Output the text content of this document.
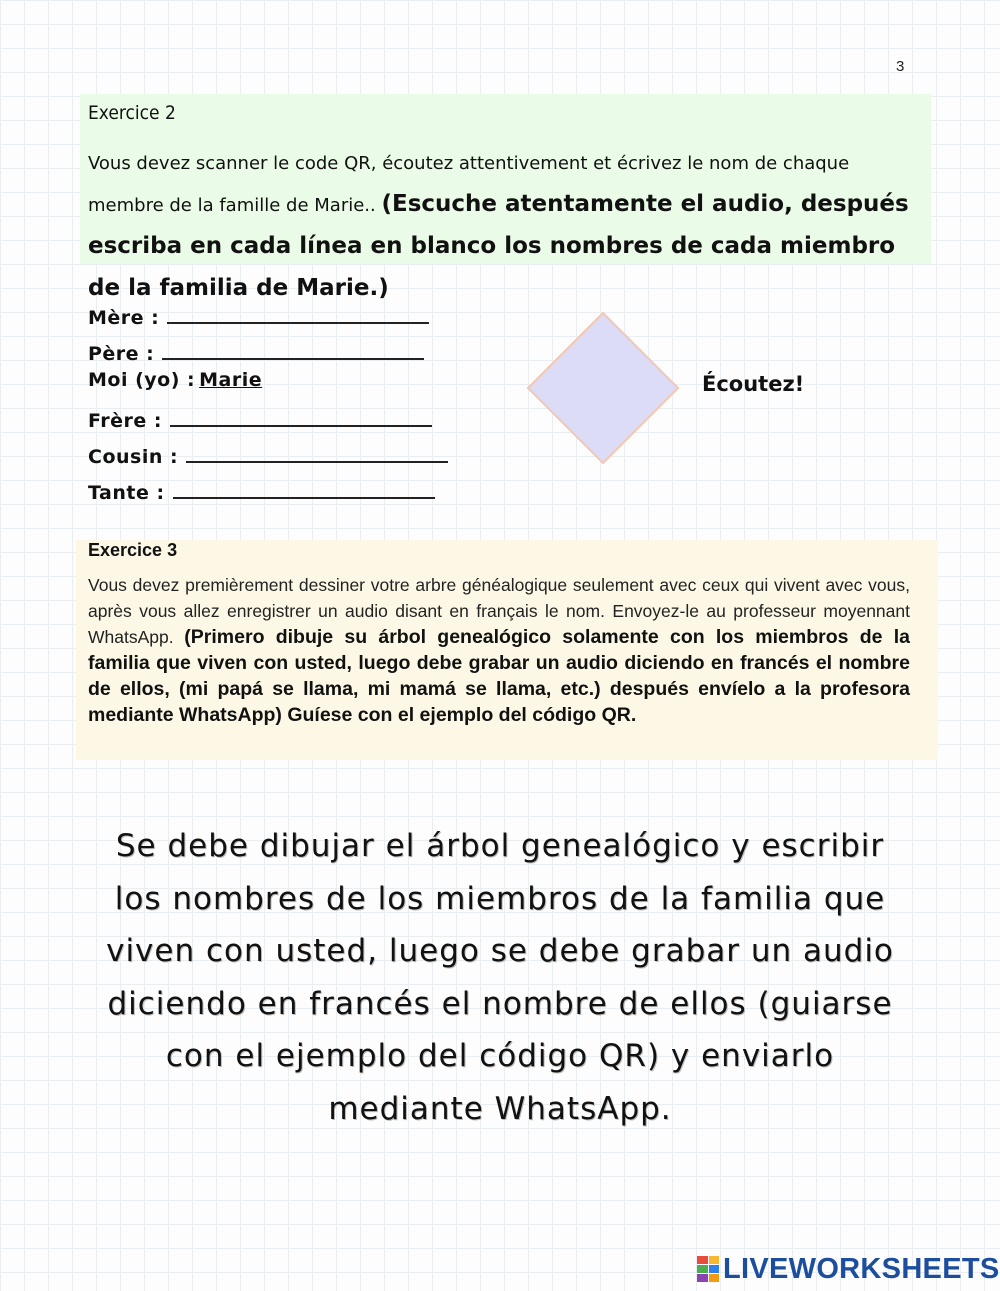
3
Exercice 2
Vous devez scanner le code QR, écoutez attentivement et écrivez le nom de chaque membre de la famille de Marie.. (Escuche atentamente el audio, después escriba en cada línea en blanco los nombres de cada miembro de la familia de Marie.)
Mère :
Père :
Moi (yo) : Marie
Frère :
Cousin :
Tante :
Écoutez!
Exercice 3
Vous devez premièrement dessiner votre arbre généalogique seulement avec ceux qui vivent avec vous, après vous allez enregistrer un audio disant en français le nom. Envoyez-le au professeur moyennant WhatsApp. (Primero dibuje su árbol genealógico solamente con los miembros de la familia que viven con usted, luego debe grabar un audio diciendo en francés el nombre de ellos, (mi papá se llama, mi mamá se llama, etc.) después envíelo a la profesora mediante WhatsApp) Guíese con el ejemplo del código QR.
Se debe dibujar el árbol genealógico y escribir los nombres de los miembros de la familia que viven con usted, luego se debe grabar un audio diciendo en francés el nombre de ellos (guiarse con el ejemplo del código QR) y enviarlo mediante WhatsApp.
LIVEWORKSHEETS
